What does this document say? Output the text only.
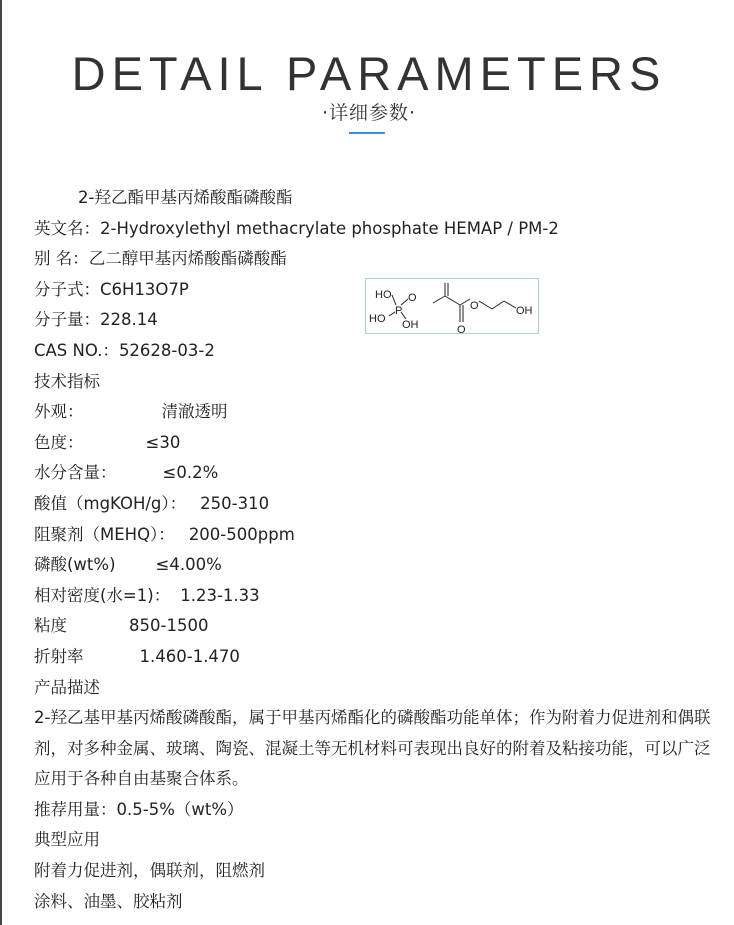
DETAIL PARAMETERS
·详细参数·
2-羟乙酯甲基丙烯酸酯磷酸酯
英文名：2-Hydroxylethyl methacrylate phosphate HEMAP / PM-2
别 名：乙二醇甲基丙烯酸酯磷酸酯
分子式：C6H13O7P
分子量：228.14
CAS NO.：52628-03-2
技术指标
外观：	清澈透明
色度：	≤30
水分含量：	≤0.2%
酸值（mgKOH/g）： 250-310
阻聚剂（MEHQ）： 200-500ppm
磷酸(wt%) ≤4.00%
相对密度(水=1)： 1.23-1.33
粘度	850-1500
折射率	1.460-1.470
产品描述
2-羟乙基甲基丙烯酸磷酸酯，属于甲基丙烯酯化的磷酸酯功能单体；作为附着力促进剂和偶联剂，对多种金属、玻璃、陶瓷、混凝土等无机材料可表现出良好的附着及粘接功能，可以广泛应用于各种自由基聚合体系。
推荐用量：0.5-5%（wt%）
典型应用
附着力促进剂，偶联剂，阻燃剂
涂料、油墨、胶粘剂
HO O
P
HO OH
O
O
OH
